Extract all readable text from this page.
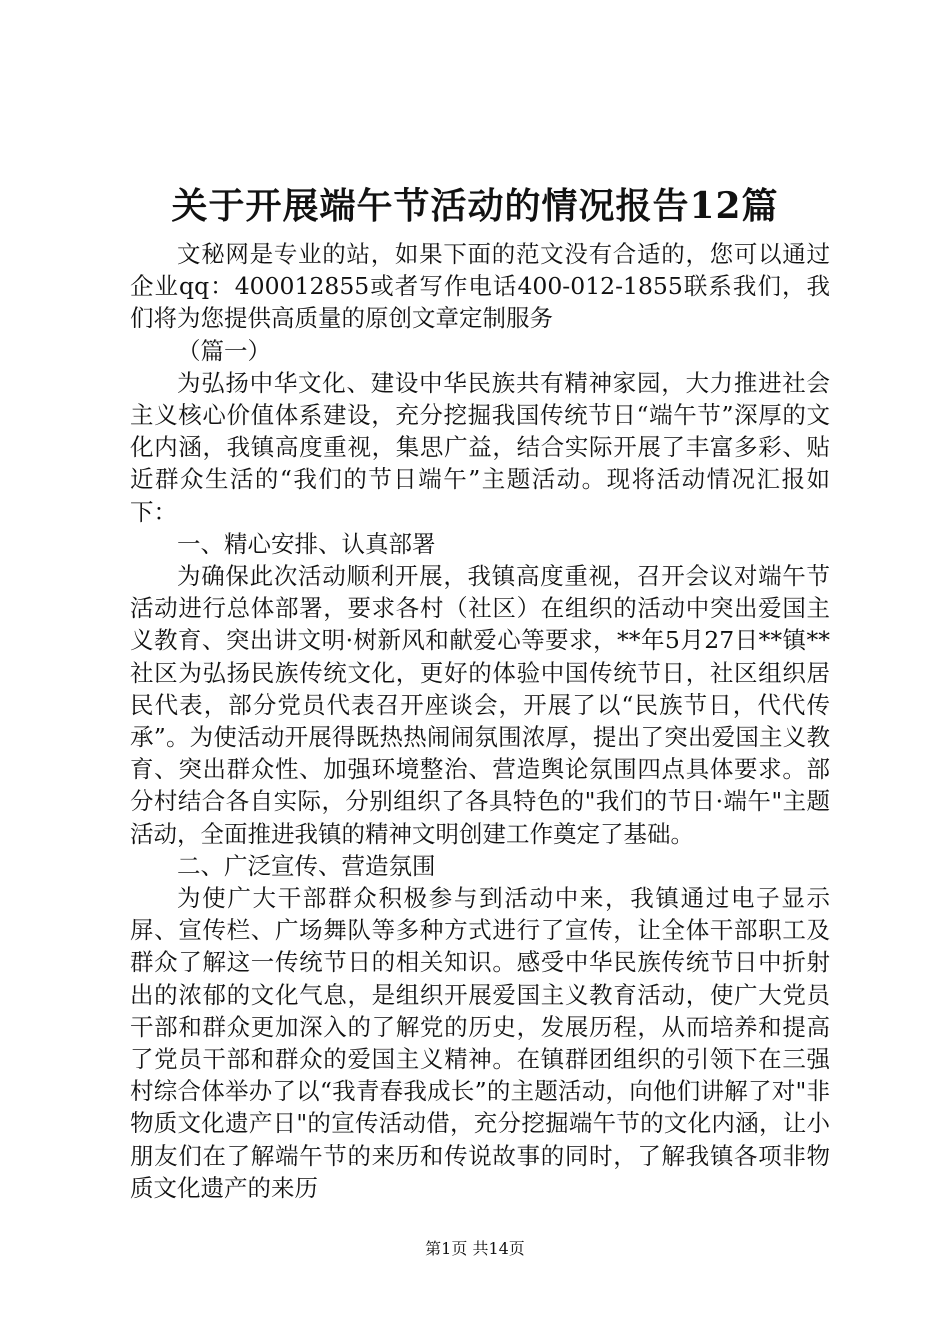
关于开展端午节活动的情况报告12篇

文秘网是专业的站，如果下面的范文没有合适的，您可以通过企业qq：400012855或者写作电话400-012-1855联系我们，我们将为您提供高质量的原创文章定制服务

（篇一）

为弘扬中华文化、建设中华民族共有精神家园，大力推进社会主义核心价值体系建设，充分挖掘我国传统节日“端午节”深厚的文化内涵，我镇高度重视，集思广益，结合实际开展了丰富多彩、贴近群众生活的“我们的节日端午”主题活动。现将活动情况汇报如下：

一、精心安排、认真部署

为确保此次活动顺利开展，我镇高度重视，召开会议对端午节活动进行总体部署，要求各村（社区）在组织的活动中突出爱国主义教育、突出讲文明·树新风和献爱心等要求，**年5月27日**镇**社区为弘扬民族传统文化，更好的体验中国传统节日，社区组织居民代表，部分党员代表召开座谈会，开展了以“民族节日，代代传承”。为使活动开展得既热热闹闹氛围浓厚，提出了突出爱国主义教育、突出群众性、加强环境整治、营造舆论氛围四点具体要求。部分村结合各自实际，分别组织了各具特色的"我们的节日·端午"主题活动，全面推进我镇的精神文明创建工作奠定了基础。

二、广泛宣传、营造氛围

为使广大干部群众积极参与到活动中来，我镇通过电子显示屏、宣传栏、广场舞队等多种方式进行了宣传，让全体干部职工及群众了解这一传统节日的相关知识。感受中华民族传统节日中折射出的浓郁的文化气息，是组织开展爱国主义教育活动，使广大党员干部和群众更加深入的了解党的历史，发展历程，从而培养和提高了党员干部和群众的爱国主义精神。在镇群团组织的引领下在三强村综合体举办了以“我青春我成长”的主题活动，向他们讲解了对"非物质文化遗产日"的宣传活动借，充分挖掘端午节的文化内涵，让小朋友们在了解端午节的来历和传说故事的同时，了解我镇各项非物质文化遗产的来历

第1页 共14页
